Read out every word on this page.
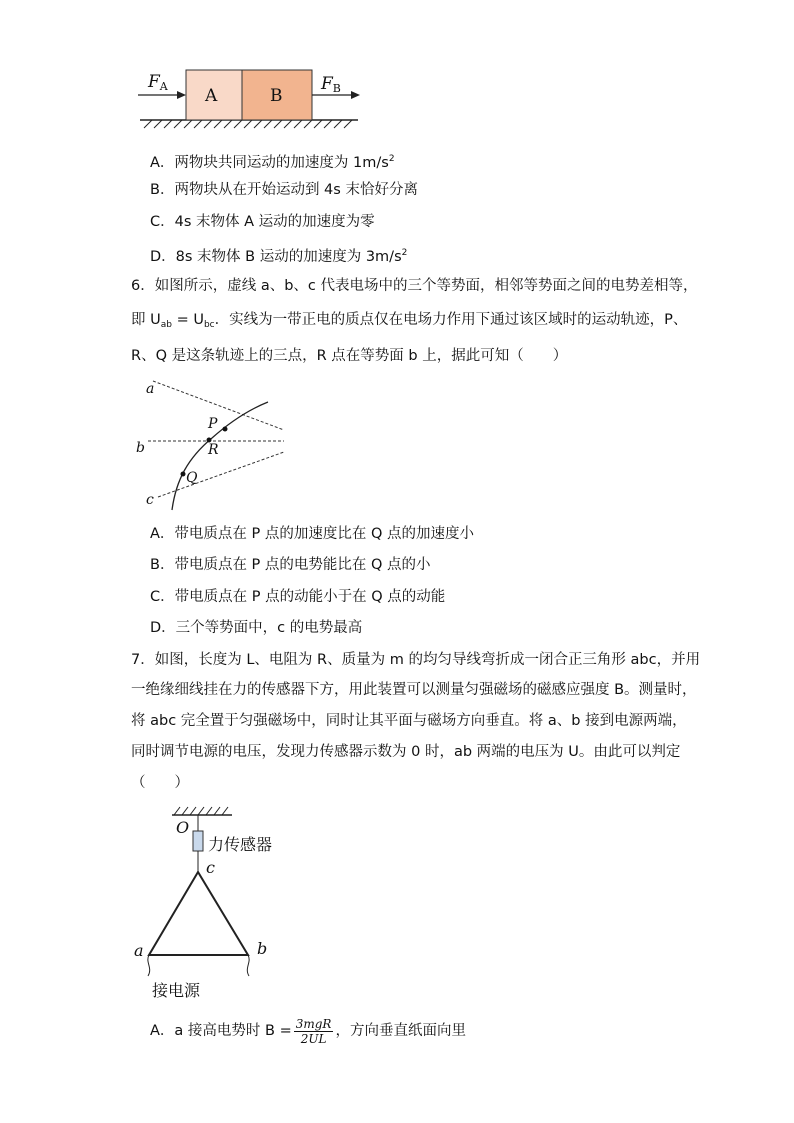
A	B
$F_A$	$F_B$
A．两物块共同运动的加速度为 $1m/s^2$
B．两物块从在开始运动到 4s 末恰好分离
C．4s 末物体 A 运动的加速度为零
D．8s 末物体 B 运动的加速度为 $3m/s^2$
6．如图所示，虚线 a、b、c 代表电场中的三个等势面，相邻等势面之间的电势差相等，
即 $U_{ab} = U_{bc}$．实线为一带正电的质点仅在电场力作用下通过该区域时的运动轨迹，P、
R、Q 是这条轨迹上的三点，R 点在等势面 b 上，据此可知（　　）
a
b
c
P
R
Q
A．带电质点在 P 点的加速度比在 Q 点的加速度小
B．带电质点在 P 点的电势能比在 Q 点的小
C．带电质点在 P 点的动能小于在 Q 点的动能
D．三个等势面中，c 的电势最高
7．如图，长度为 L、电阻为 R、质量为 m 的均匀导线弯折成一闭合正三角形 abc，并用
一绝缘细线挂在力的传感器下方，用此装置可以测量匀强磁场的磁感应强度 B。测量时，
将 abc 完全置于匀强磁场中，同时让其平面与磁场方向垂直。将 a、b 接到电源两端，
同时调节电源的电压，发现力传感器示数为 0 时，ab 两端的电压为 U。由此可以判定
（　　）
O
力传感器
c
a	b
接电源
A．a 接高电势时 $B = \frac{\text{3mgR}}{2UL}$ ，方向垂直纸面向里
